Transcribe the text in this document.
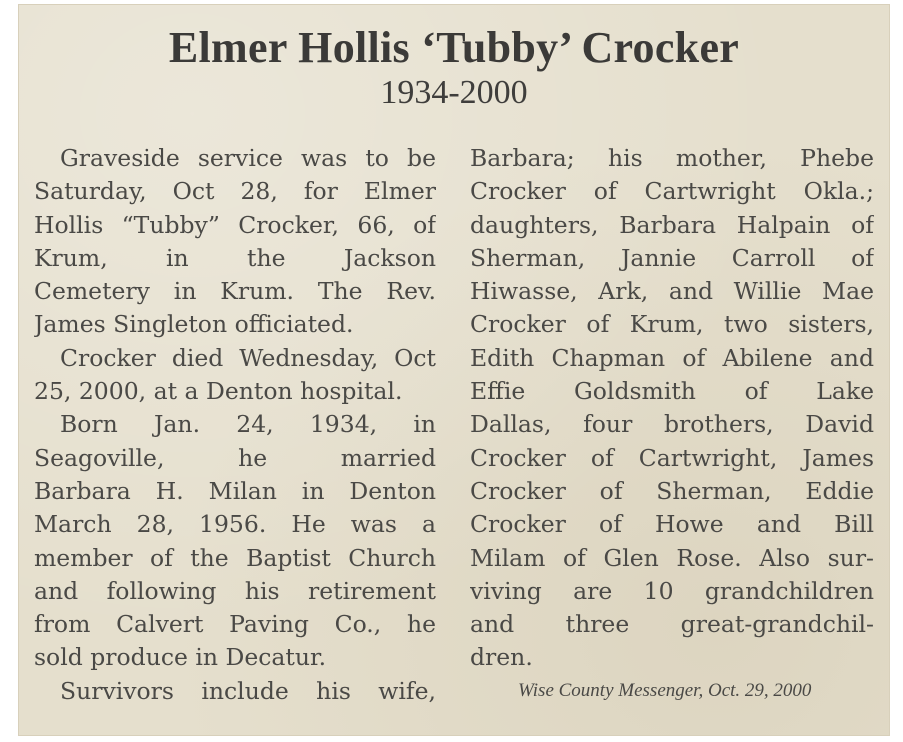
Elmer Hollis ‘Tubby’ Crocker
1934-2000
Graveside service was to be
Saturday, Oct 28, for Elmer
Hollis “Tubby” Crocker, 66, of
Krum, in the Jackson
Cemetery in Krum. The Rev.
James Singleton officiated.
Crocker died Wednesday, Oct
25, 2000, at a Denton hospital.
Born Jan. 24, 1934, in
Seagoville, he married
Barbara H. Milan in Denton
March 28, 1956. He was a
member of the Baptist Church
and following his retirement
from Calvert Paving Co., he
sold produce in Decatur.
Survivors include his wife,
Barbara; his mother, Phebe
Crocker of Cartwright Okla.;
daughters, Barbara Halpain of
Sherman, Jannie Carroll of
Hiwasse, Ark, and Willie Mae
Crocker of Krum, two sisters,
Edith Chapman of Abilene and
Effie Goldsmith of Lake
Dallas, four brothers, David
Crocker of Cartwright, James
Crocker of Sherman, Eddie
Crocker of Howe and Bill
Milam of Glen Rose. Also sur-
viving are 10 grandchildren
and three great-grandchil-
dren.
Wise County Messenger, Oct. 29, 2000
